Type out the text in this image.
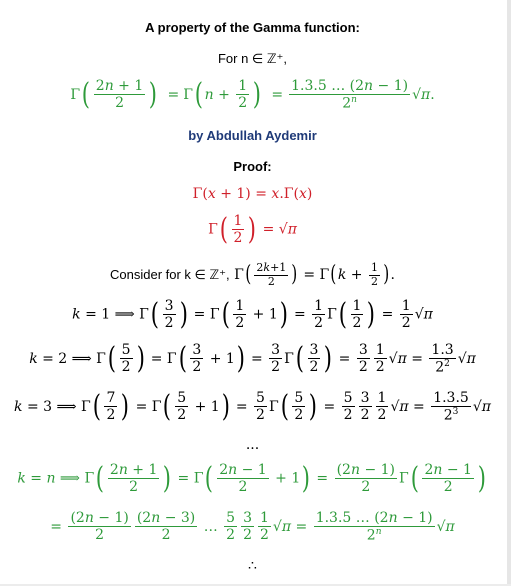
A property of the Gamma function:
For n ∈ ℤ⁺,
$\Gamma( \frac{2n + 1}{2}$ ) = Γ( $n + \frac{1}{2}$ ) = $\frac{1.3.5 \dots (2n - 1)}{2^n} √\pi$.
by Abdullah Aydemir
Proof:
Γ(x + 1) = x.Γ(x)
$\Gamma( \frac{1}{2}$ ) = √π
Consider for k ∈ ℤ⁺, $\Gamma( \frac{2k+1}{2}$ ) = $\Gamma(k + \frac{1}{2}$ ).
k = 1 ⟹ $\Gamma( \frac{3}{2}$ ) = $\Gamma( \frac{1}{2} + 1) = \frac{1}{2} \Gamma( \frac{1}{2}$ ) = $\frac{1}{2} √\pi$
k = 2 ⟹ $\Gamma( \frac{5}{2}$ ) = $\Gamma( \frac{3}{2} + 1) = \frac{3}{2} \Gamma( \frac{3}{2}$ ) = $\frac{3}{2} \frac{1}{2} √\pi = \frac{1.3}{2^2} √\pi$
k = 3 ⟹ $\Gamma( \frac{7}{2}$ ) = $\Gamma( \frac{5}{2} + 1) = \frac{5}{2} \Gamma( \frac{5}{2}$ ) = $\frac{5}{2} \frac{3}{2} \frac{1}{2} √\pi = \frac{1.3.5}{2^3} √\pi$
...
k = n ⟹ $\Gamma( \frac{2n + 1}{2}$ ) = $\Gamma( \frac{2n - 1}{2} + 1) = \frac{(2n - 1)}{2} \Gamma( \frac{2n - 1}{2}$ )
= $\frac{(2n - 1)}{2} \frac{(2n - 3)}{2}$ … $\frac{5}{2} \frac{3}{2} \frac{1}{2} √\pi = \frac{1.3.5 \dots (2n - 1)}{2^n} √\pi$
∴
